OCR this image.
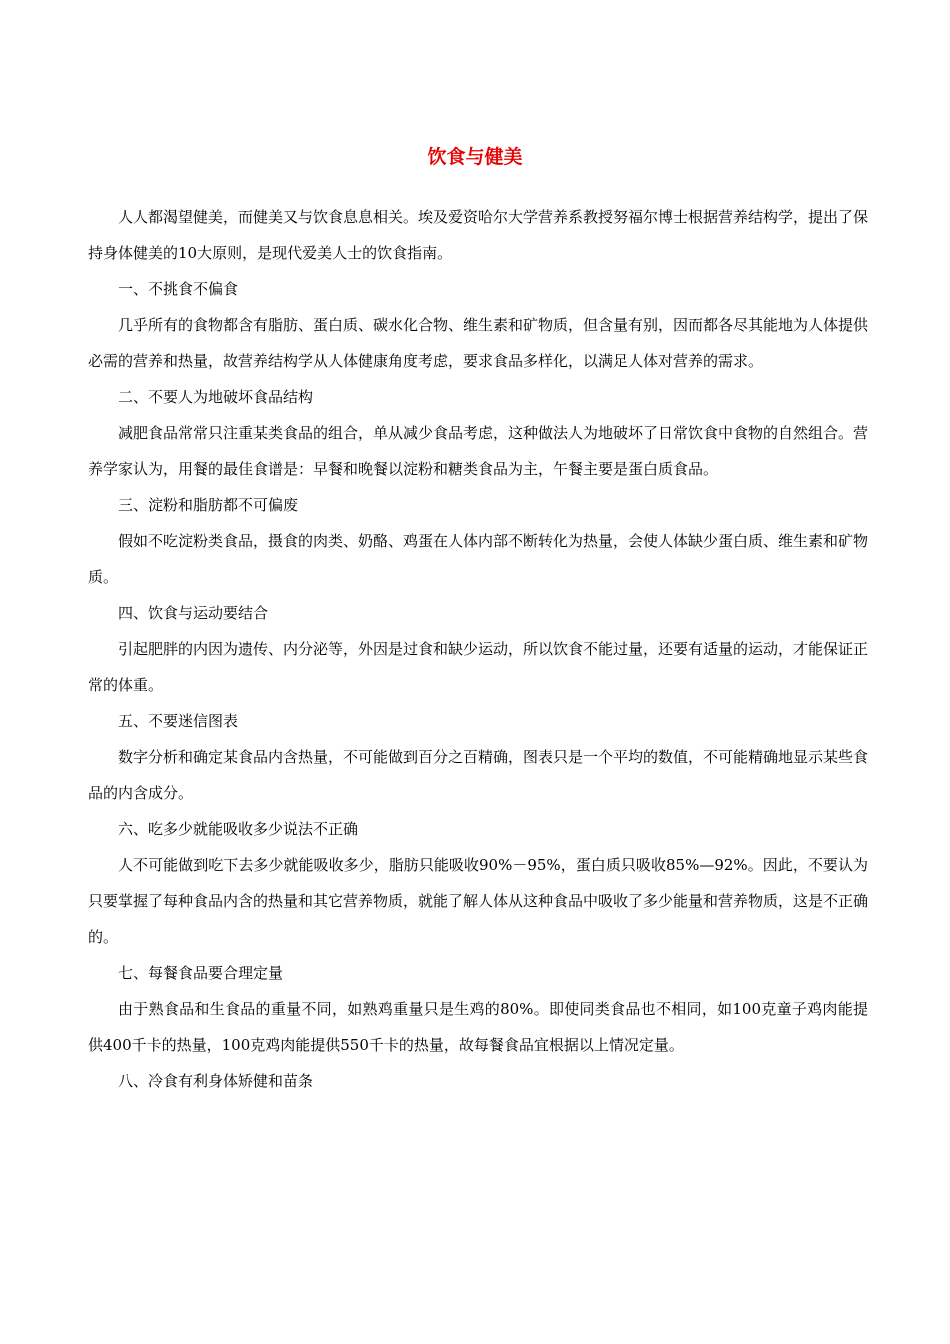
饮食与健美

人人都渴望健美，而健美又与饮食息息相关。埃及爱资哈尔大学营养系教授努福尔博士根据营养结构学，提出了保持身体健美的10大原则，是现代爱美人士的饮食指南。

一、不挑食不偏食

几乎所有的食物都含有脂肪、蛋白质、碳水化合物、维生素和矿物质，但含量有别，因而都各尽其能地为人体提供必需的营养和热量，故营养结构学从人体健康角度考虑，要求食品多样化，以满足人体对营养的需求。

二、不要人为地破坏食品结构

减肥食品常常只注重某类食品的组合，单从减少食品考虑，这种做法人为地破坏了日常饮食中食物的自然组合。营养学家认为，用餐的最佳食谱是：早餐和晚餐以淀粉和糖类食品为主，午餐主要是蛋白质食品。

三、淀粉和脂肪都不可偏废

假如不吃淀粉类食品，摄食的肉类、奶酪、鸡蛋在人体内部不断转化为热量，会使人体缺少蛋白质、维生素和矿物质。

四、饮食与运动要结合

引起肥胖的内因为遗传、内分泌等，外因是过食和缺少运动，所以饮食不能过量，还要有适量的运动，才能保证正常的体重。

五、不要迷信图表

数字分析和确定某食品内含热量，不可能做到百分之百精确，图表只是一个平均的数值，不可能精确地显示某些食品的内含成分。

六、吃多少就能吸收多少说法不正确

人不可能做到吃下去多少就能吸收多少，脂肪只能吸收90%－95%，蛋白质只吸收85%—92%。因此，不要认为只要掌握了每种食品内含的热量和其它营养物质，就能了解人体从这种食品中吸收了多少能量和营养物质，这是不正确的。

七、每餐食品要合理定量

由于熟食品和生食品的重量不同，如熟鸡重量只是生鸡的80%。即使同类食品也不相同，如100克童子鸡肉能提供400千卡的热量，100克鸡肉能提供550千卡的热量，故每餐食品宜根据以上情况定量。

八、冷食有利身体矫健和苗条
